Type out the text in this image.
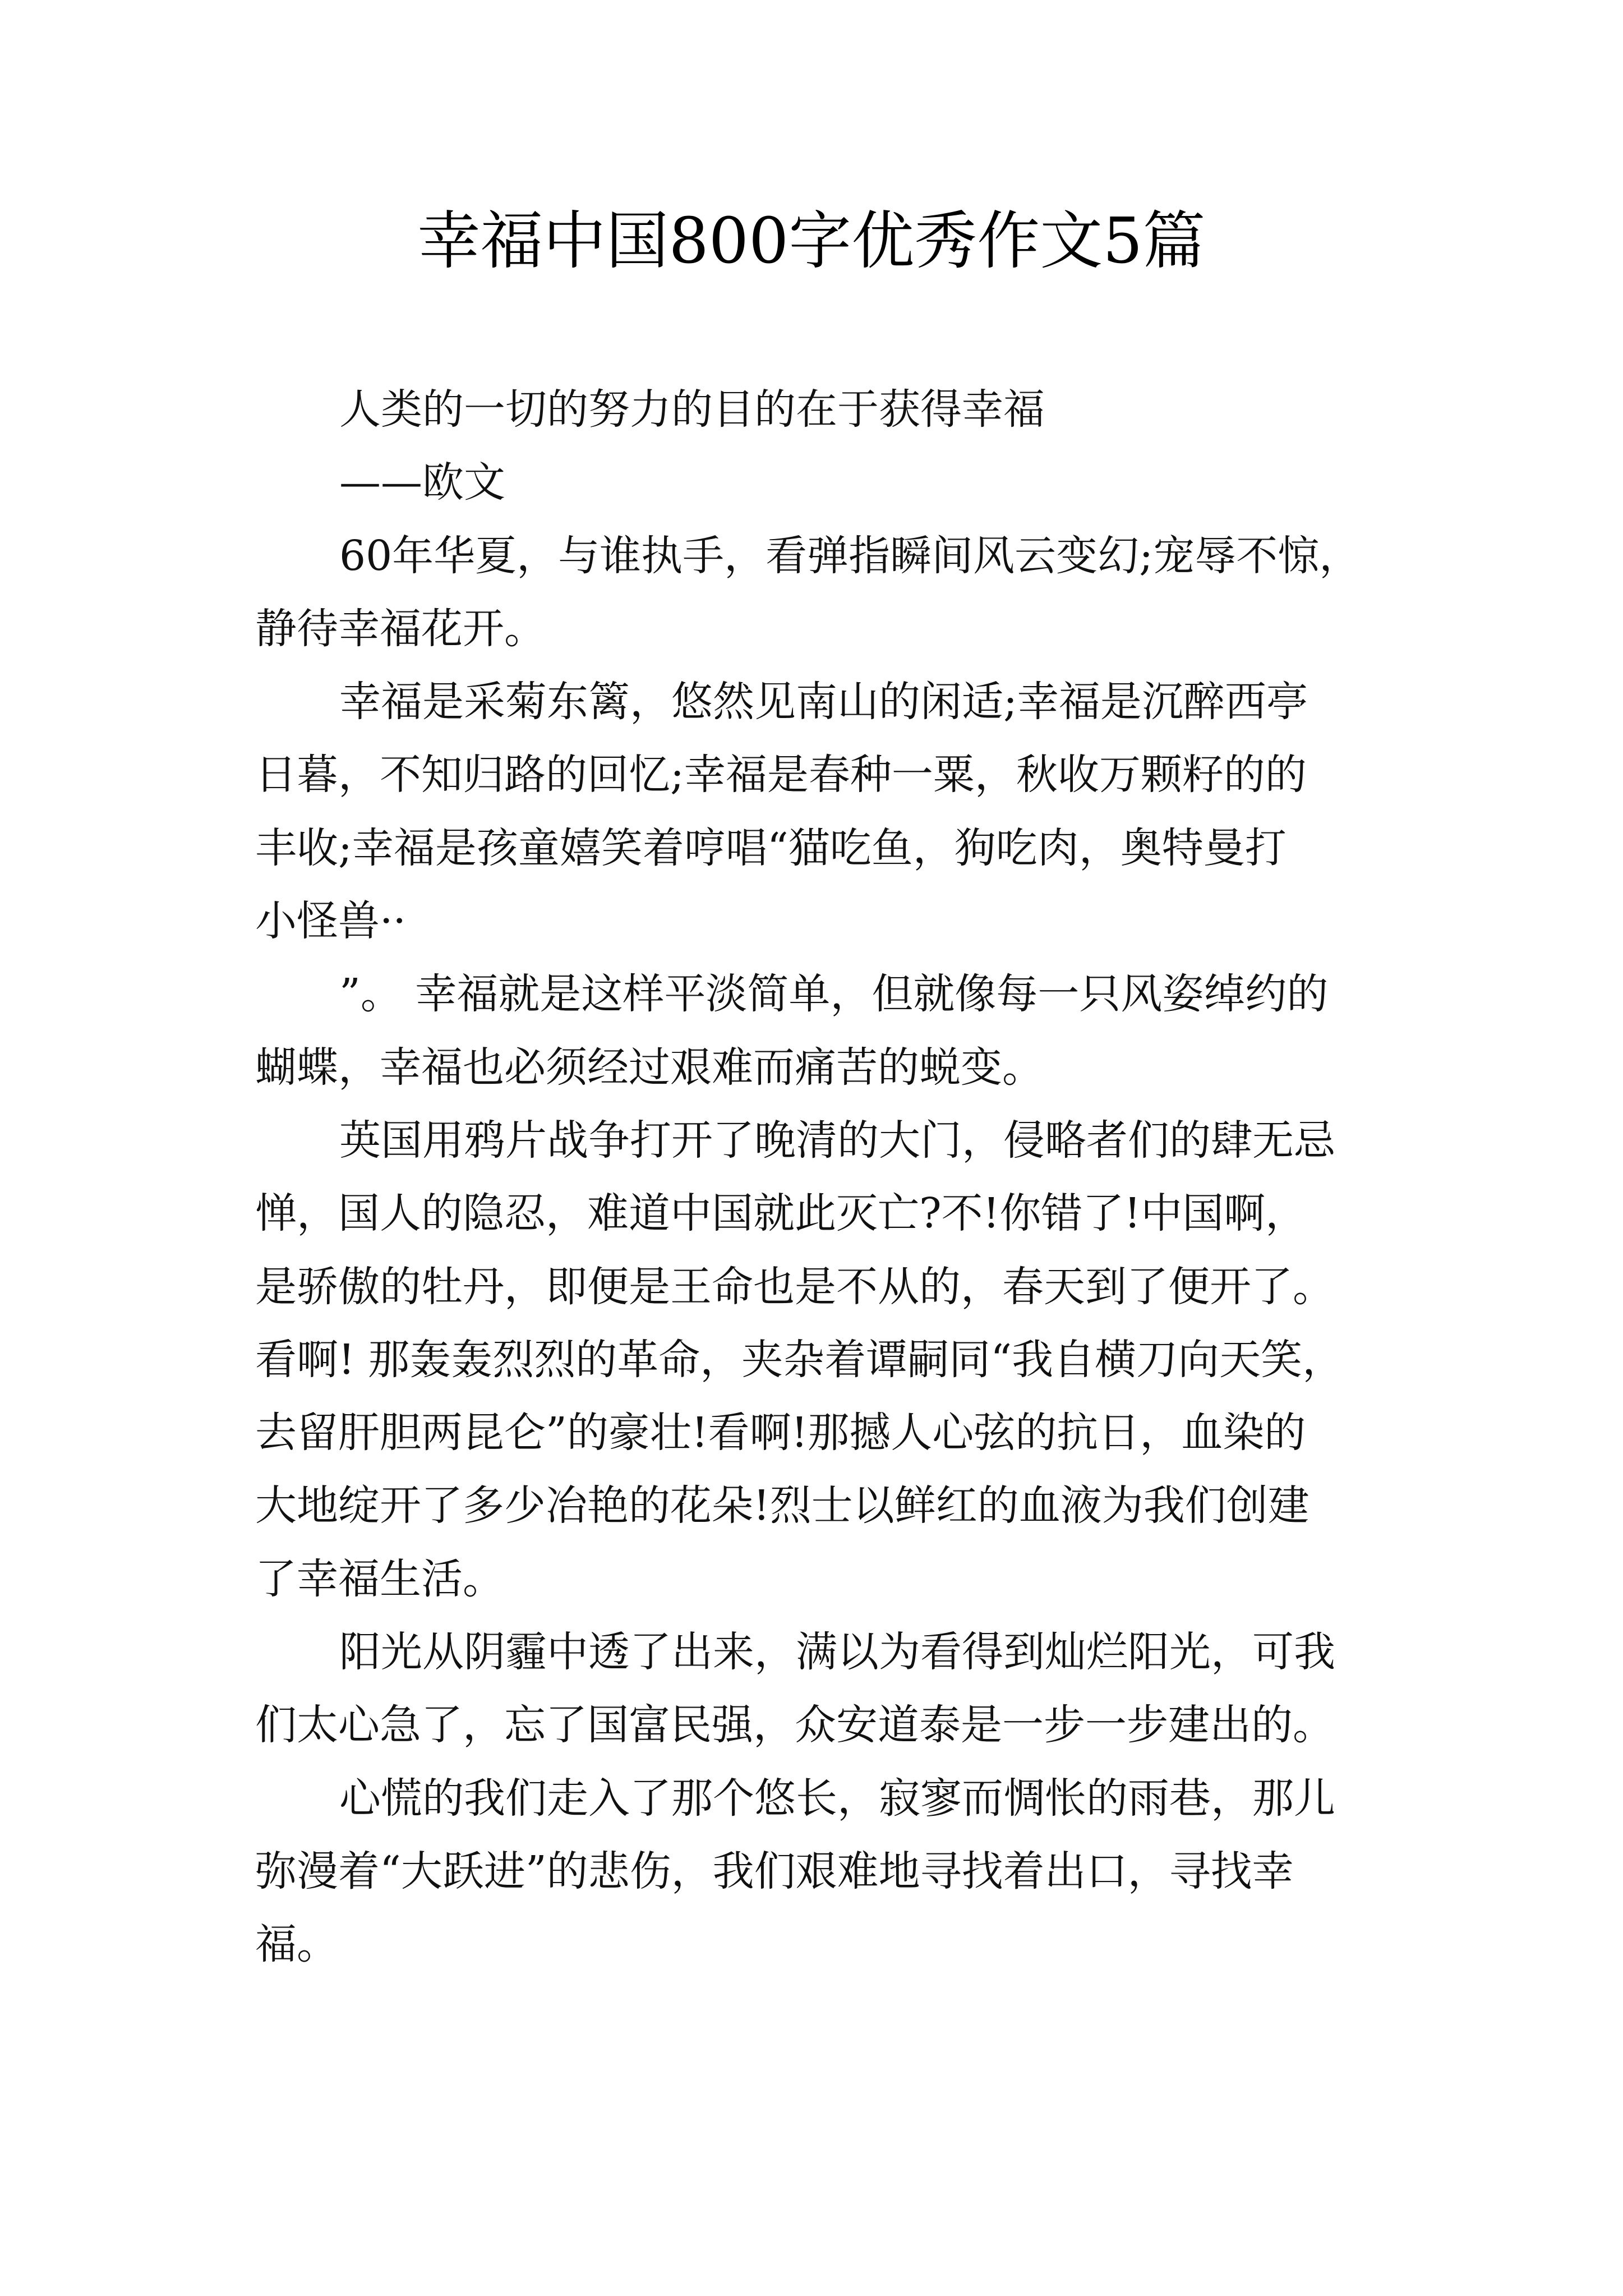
幸福中国800字优秀作文5篇
人类的一切的努力的目的在于获得幸福
——欧文
60年华夏，与谁执手，看弹指瞬间风云变幻;宠辱不惊，
静待幸福花开。
幸福是采菊东篱，悠然见南山的闲适;幸福是沉醉西亭
日暮，不知归路的回忆;幸福是春种一粟，秋收万颗籽的的
丰收;幸福是孩童嬉笑着哼唱“猫吃鱼，狗吃肉，奥特曼打
小怪兽··
”。 幸福就是这样平淡简单，但就像每一只风姿绰约的
蝴蝶，幸福也必须经过艰难而痛苦的蜕变。
英国用鸦片战争打开了晚清的大门，侵略者们的肆无忌
惮，国人的隐忍，难道中国就此灭亡?不!你错了!中国啊，
是骄傲的牡丹，即便是王命也是不从的，春天到了便开了。
看啊! 那轰轰烈烈的革命，夹杂着谭嗣同“我自横刀向天笑，
去留肝胆两昆仑”的豪壮!看啊!那撼人心弦的抗日，血染的
大地绽开了多少冶艳的花朵!烈士以鲜红的血液为我们创建
了幸福生活。
阳光从阴霾中透了出来，满以为看得到灿烂阳光，可我
们太心急了，忘了国富民强，众安道泰是一步一步建出的。
心慌的我们走入了那个悠长，寂寥而惆怅的雨巷，那儿
弥漫着“大跃进”的悲伤，我们艰难地寻找着出口，寻找幸
福。
